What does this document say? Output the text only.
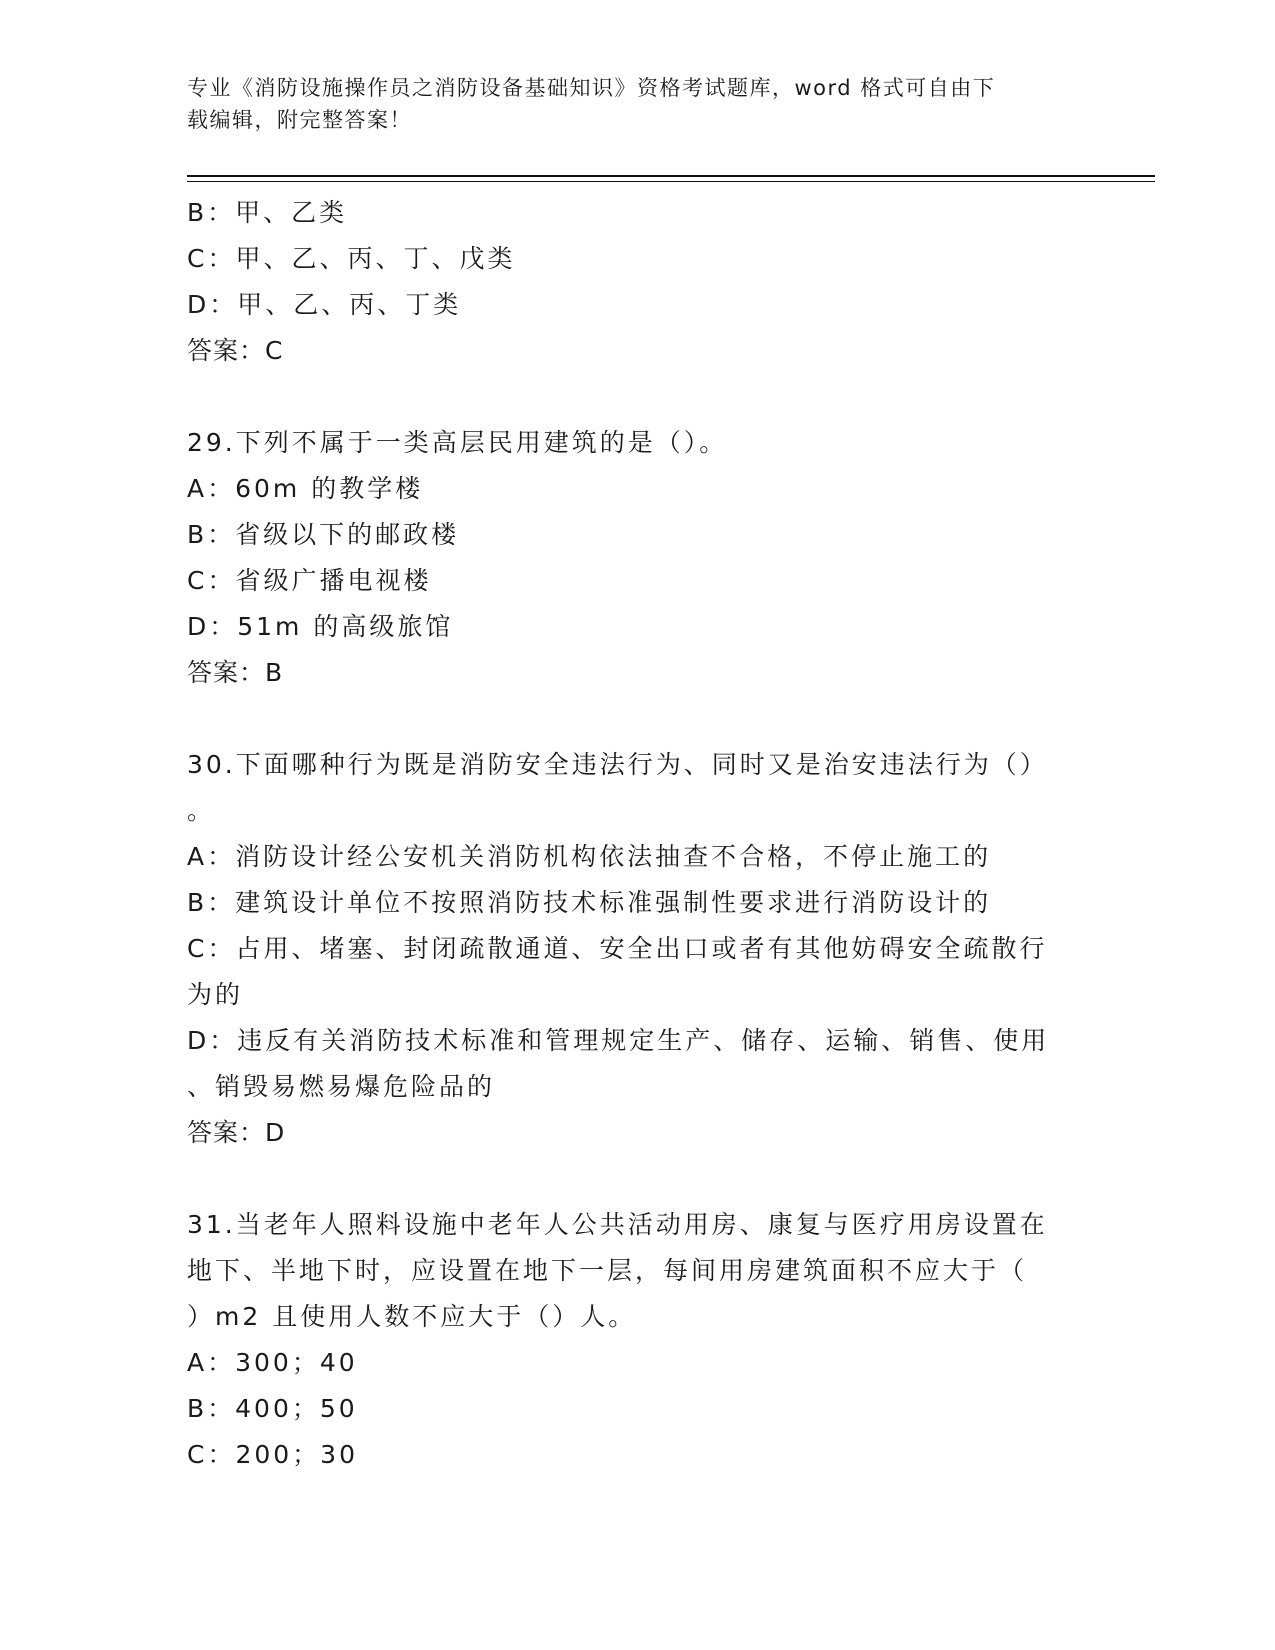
专业《消防设施操作员之消防设备基础知识》资格考试题库，word 格式可自由下
载编辑，附完整答案！
B：甲、乙类
C：甲、乙、丙、丁、戊类
D：甲、乙、丙、丁类
答案：C
29.下列不属于一类高层民用建筑的是（）。
A：60m 的教学楼
B：省级以下的邮政楼
C：省级广播电视楼
D：51m 的高级旅馆
答案：B
30.下面哪种行为既是消防安全违法行为、同时又是治安违法行为（）
。
A：消防设计经公安机关消防机构依法抽查不合格，不停止施工的
B：建筑设计单位不按照消防技术标准强制性要求进行消防设计的
C：占用、堵塞、封闭疏散通道、安全出口或者有其他妨碍安全疏散行
为的
D：违反有关消防技术标准和管理规定生产、储存、运输、销售、使用
、销毁易燃易爆危险品的
答案：D
31.当老年人照料设施中老年人公共活动用房、康复与医疗用房设置在
地下、半地下时，应设置在地下一层，每间用房建筑面积不应大于（
）m2 且使用人数不应大于（）人。
A：300；40
B：400；50
C：200；30
